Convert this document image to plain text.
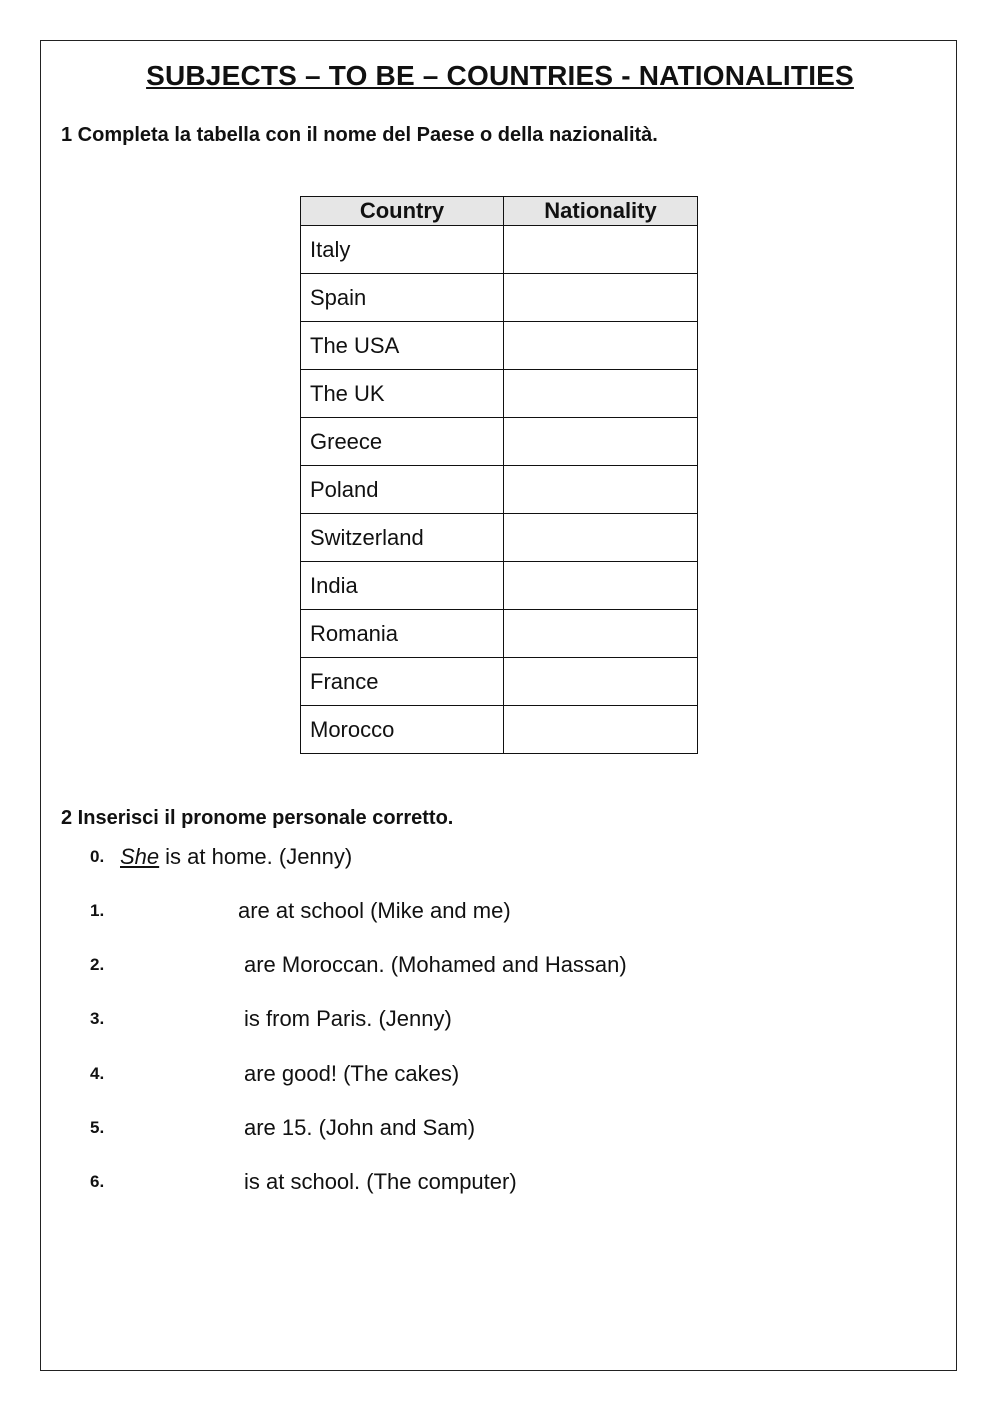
SUBJECTS – TO BE – COUNTRIES - NATIONALITIES
1 Completa la tabella con il nome del Paese o della nazionalità.
Country	Nationality
Italy	
Spain	
The USA	
The UK	
Greece	
Poland	
Switzerland	
India	
Romania	
France	
Morocco	
2 Inserisci il pronome personale corretto.
0. She is at home. (Jenny)
1.	are at school (Mike and me)
2.	are Moroccan. (Mohamed and Hassan)
3.	is from Paris. (Jenny)
4.	are good! (The cakes)
5.	are 15. (John and Sam)
6.	is at school. (The computer)
